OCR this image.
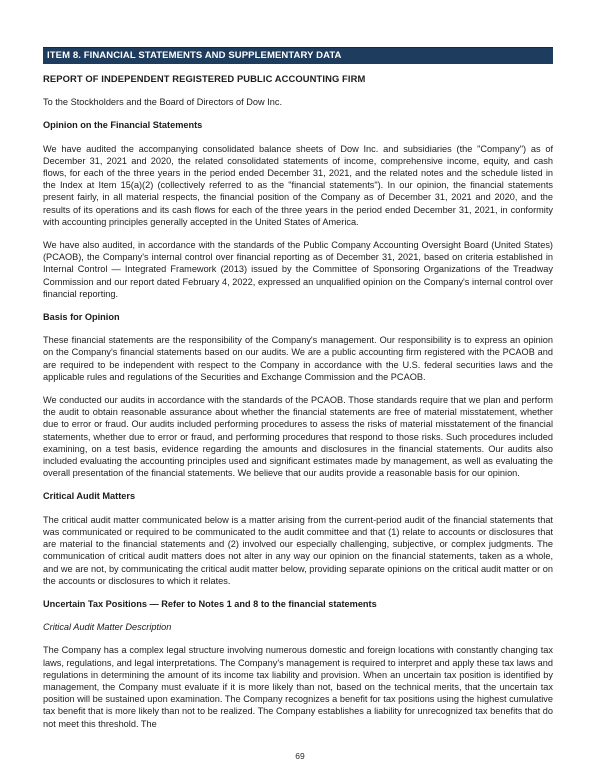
ITEM 8. FINANCIAL STATEMENTS AND SUPPLEMENTARY DATA
REPORT OF INDEPENDENT REGISTERED PUBLIC ACCOUNTING FIRM
To the Stockholders and the Board of Directors of Dow Inc.
Opinion on the Financial Statements

We have audited the accompanying consolidated balance sheets of Dow Inc. and subsidiaries (the "Company") as of December 31, 2021 and 2020, the related consolidated statements of income, comprehensive income, equity, and cash flows, for each of the three years in the period ended December 31, 2021, and the related notes and the schedule listed in the Index at Item 15(a)(2) (collectively referred to as the "financial statements"). In our opinion, the financial statements present fairly, in all material respects, the financial position of the Company as of December 31, 2021 and 2020, and the results of its operations and its cash flows for each of the three years in the period ended December 31, 2021, in conformity with accounting principles generally accepted in the United States of America.

We have also audited, in accordance with the standards of the Public Company Accounting Oversight Board (United States) (PCAOB), the Company's internal control over financial reporting as of December 31, 2021, based on criteria established in Internal Control — Integrated Framework (2013) issued by the Committee of Sponsoring Organizations of the Treadway Commission and our report dated February 4, 2022, expressed an unqualified opinion on the Company's internal control over financial reporting.

Basis for Opinion

These financial statements are the responsibility of the Company's management. Our responsibility is to express an opinion on the Company's financial statements based on our audits. We are a public accounting firm registered with the PCAOB and are required to be independent with respect to the Company in accordance with the U.S. federal securities laws and the applicable rules and regulations of the Securities and Exchange Commission and the PCAOB.

We conducted our audits in accordance with the standards of the PCAOB. Those standards require that we plan and perform the audit to obtain reasonable assurance about whether the financial statements are free of material misstatement, whether due to error or fraud. Our audits included performing procedures to assess the risks of material misstatement of the financial statements, whether due to error or fraud, and performing procedures that respond to those risks. Such procedures included examining, on a test basis, evidence regarding the amounts and disclosures in the financial statements. Our audits also included evaluating the accounting principles used and significant estimates made by management, as well as evaluating the overall presentation of the financial statements. We believe that our audits provide a reasonable basis for our opinion.

Critical Audit Matters

The critical audit matter communicated below is a matter arising from the current-period audit of the financial statements that was communicated or required to be communicated to the audit committee and that (1) relate to accounts or disclosures that are material to the financial statements and (2) involved our especially challenging, subjective, or complex judgments. The communication of critical audit matters does not alter in any way our opinion on the financial statements, taken as a whole, and we are not, by communicating the critical audit matter below, providing separate opinions on the critical audit matter or on the accounts or disclosures to which it relates.

Uncertain Tax Positions — Refer to Notes 1 and 8 to the financial statements
Critical Audit Matter Description

The Company has a complex legal structure involving numerous domestic and foreign locations with constantly changing tax laws, regulations, and legal interpretations. The Company's management is required to interpret and apply these tax laws and regulations in determining the amount of its income tax liability and provision. When an uncertain tax position is identified by management, the Company must evaluate if it is more likely than not, based on the technical merits, that the uncertain tax position will be sustained upon examination. The Company recognizes a benefit for tax positions using the highest cumulative tax benefit that is more likely than not to be realized. The Company establishes a liability for unrecognized tax benefits that do not meet this threshold. The

69
